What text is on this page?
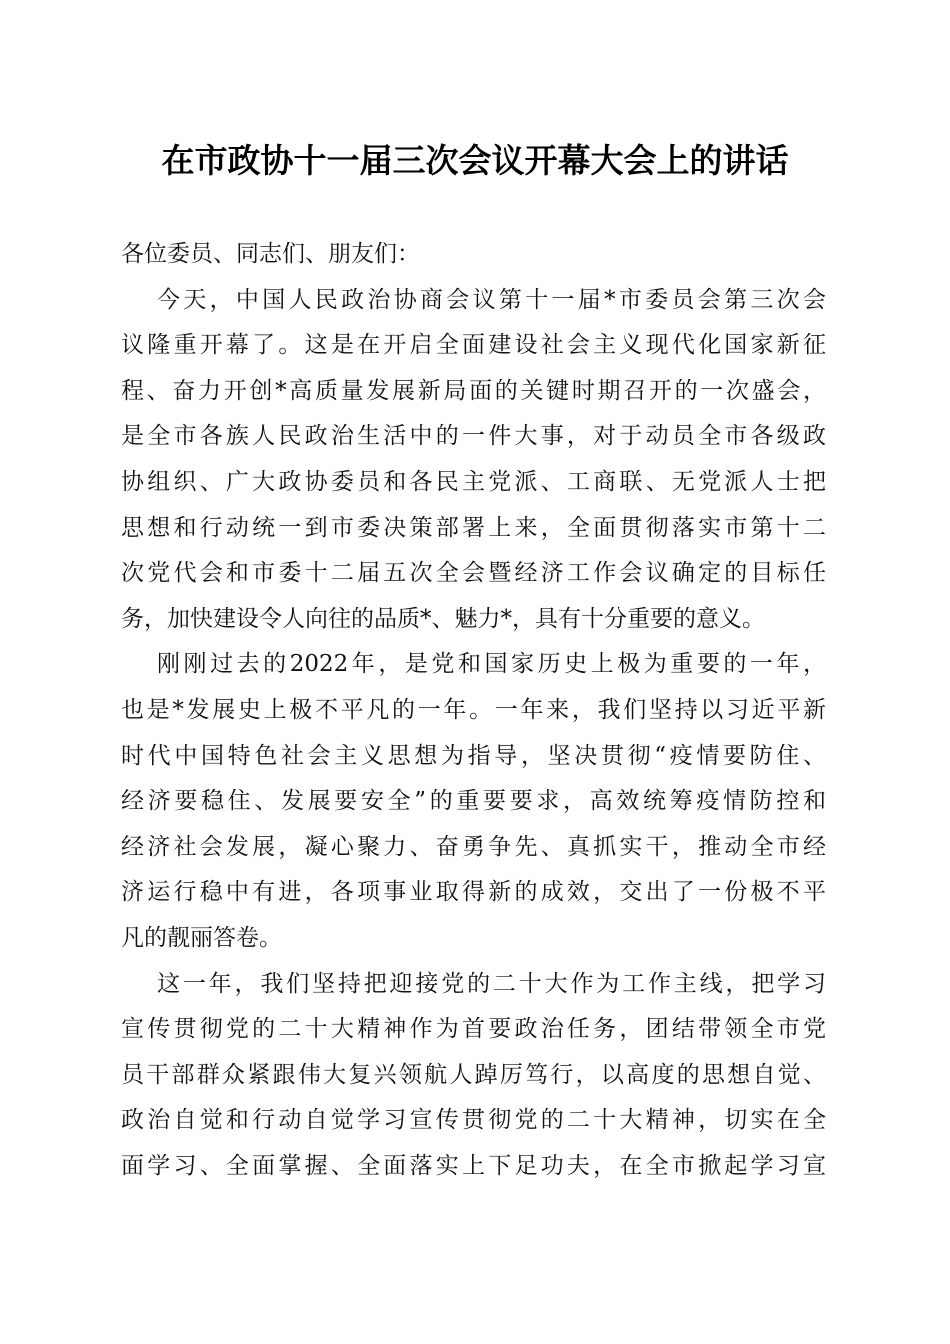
在市政协十一届三次会议开幕大会上的讲话
各位委员、同志们、朋友们：
今天，中国人民政治协商会议第十一届*市委员会第三次会
议隆重开幕了。这是在开启全面建设社会主义现代化国家新征
程、奋力开创*高质量发展新局面的关键时期召开的一次盛会，
是全市各族人民政治生活中的一件大事，对于动员全市各级政
协组织、广大政协委员和各民主党派、工商联、无党派人士把
思想和行动统一到市委决策部署上来，全面贯彻落实市第十二
次党代会和市委十二届五次全会暨经济工作会议确定的目标任
务，加快建设令人向往的品质*、魅力*，具有十分重要的意义。
刚刚过去的2022年，是党和国家历史上极为重要的一年，
也是*发展史上极不平凡的一年。一年来，我们坚持以习近平新
时代中国特色社会主义思想为指导，坚决贯彻“疫情要防住、
经济要稳住、发展要安全”的重要要求，高效统筹疫情防控和
经济社会发展，凝心聚力、奋勇争先、真抓实干，推动全市经
济运行稳中有进，各项事业取得新的成效，交出了一份极不平
凡的靓丽答卷。
这一年，我们坚持把迎接党的二十大作为工作主线，把学习
宣传贯彻党的二十大精神作为首要政治任务，团结带领全市党
员干部群众紧跟伟大复兴领航人踔厉笃行，以高度的思想自觉、
政治自觉和行动自觉学习宣传贯彻党的二十大精神，切实在全
面学习、全面掌握、全面落实上下足功夫，在全市掀起学习宣
